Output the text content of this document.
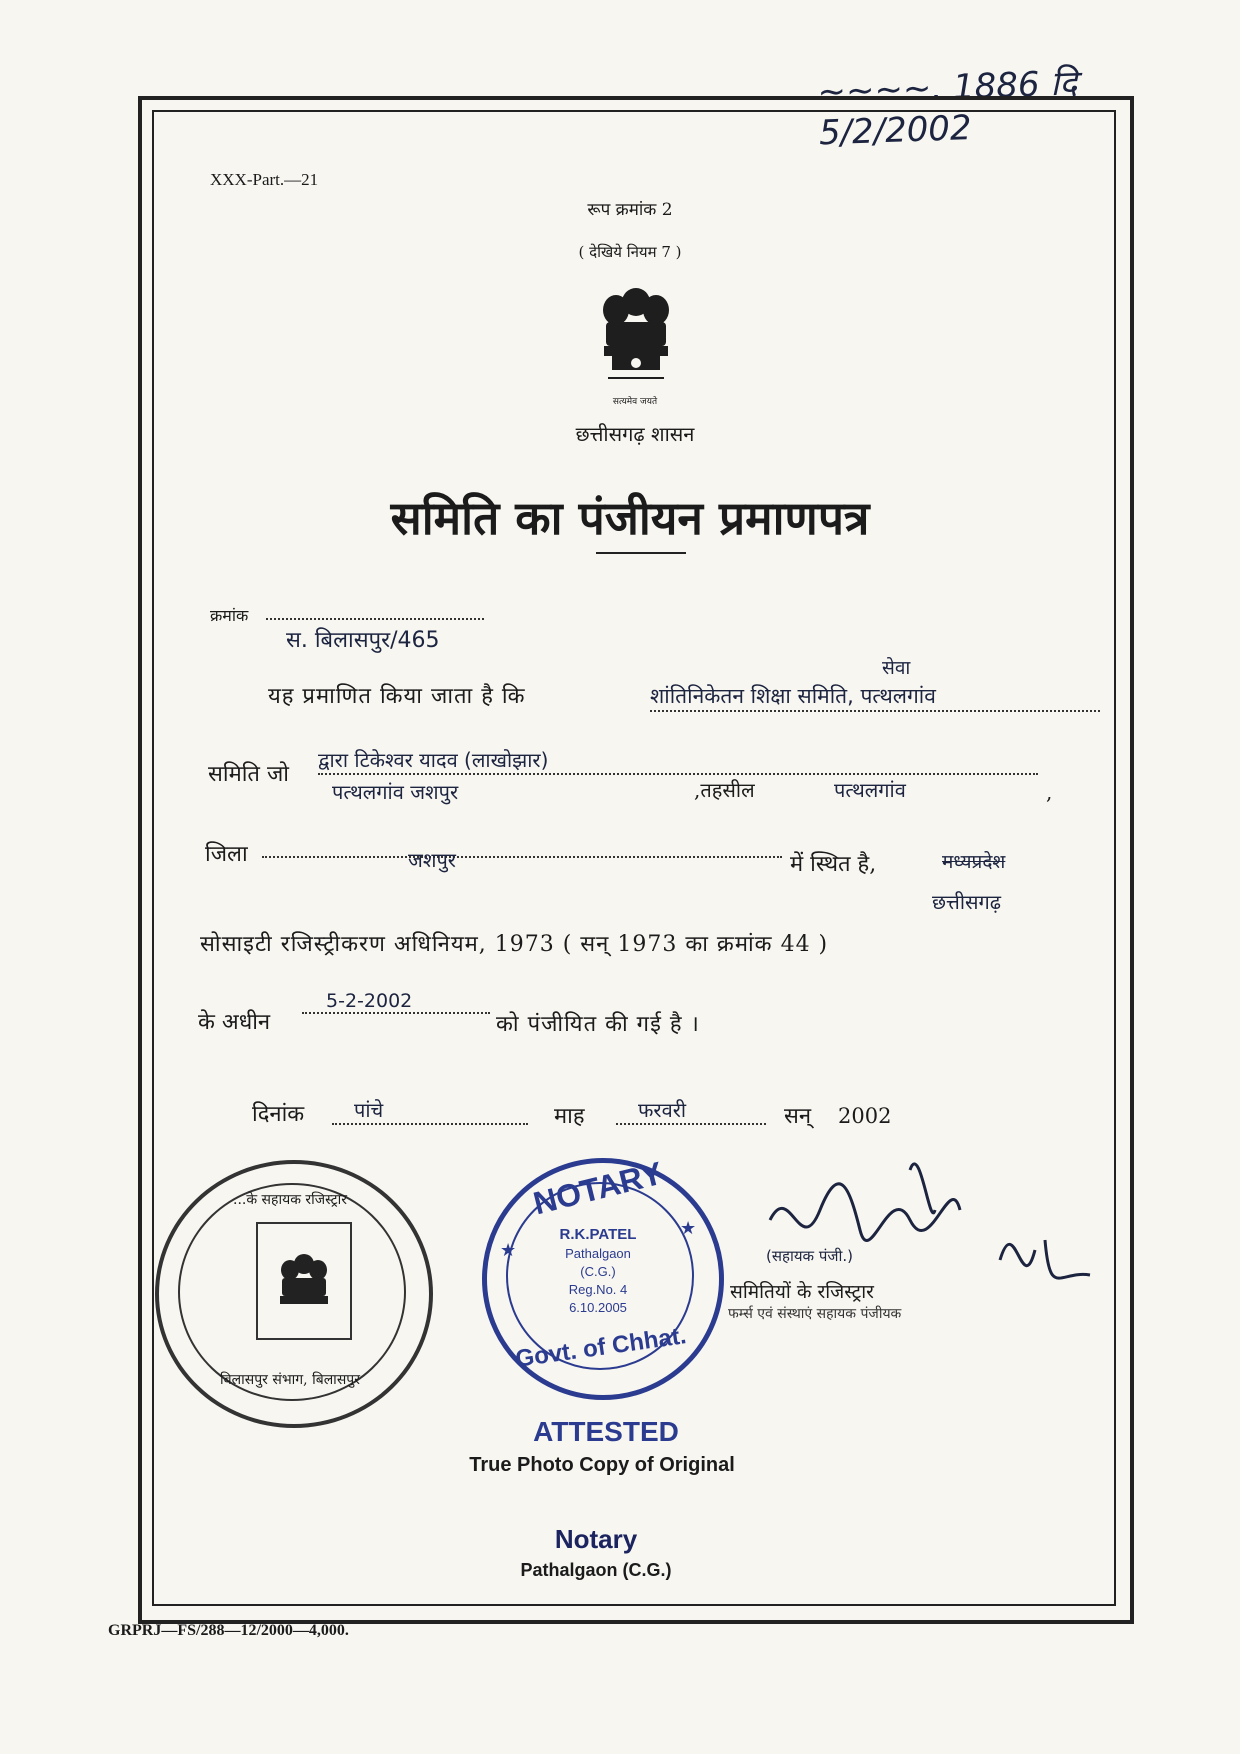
~~~~. 1886 दि 5/2/2002
XXX-Part.—21
रूप क्रमांक 2
( देखिये नियम 7 )
सत्यमेव जयते
छत्तीसगढ़ शासन
समिति का पंजीयन प्रमाणपत्र
क्रमांक
स. बिलासपुर/465
यह प्रमाणित किया जाता है कि
सेवा
शांतिनिकेतन शिक्षा समिति, पत्थलगांव
समिति जो
द्वारा टिकेश्वर यादव (लाखोझार)
पत्थलगांव जशपुर	,तहसील	पत्थलगांव	,
जिला	जशपुर	में स्थित है,	मध्यप्रदेश
छत्तीसगढ़
सोसाइटी रजिस्ट्रीकरण अधिनियम, 1973 ( सन् 1973 का क्रमांक 44 )
के अधीन
5-2-2002
को पंजीयित की गई है ।
दिनांक	पांचे	माह	फरवरी	सन् 2002
...के सहायक रजिस्ट्रार
बिलासपुर संभाग, बिलासपुर
NOTARY
R.K.PATEL
Pathalgaon
(C.G.)
Reg.No. 4
6.10.2005
Govt. of Chhat.
★
★
ATTESTED
True Photo Copy of Original
Notary
Pathalgaon (C.G.)
(सहायक पंजी.)
समितियों के रजिस्ट्रार
फर्म्स एवं संस्थाएं सहायक पंजीयक
GRPRJ—FS/288—12/2000—4,000.
